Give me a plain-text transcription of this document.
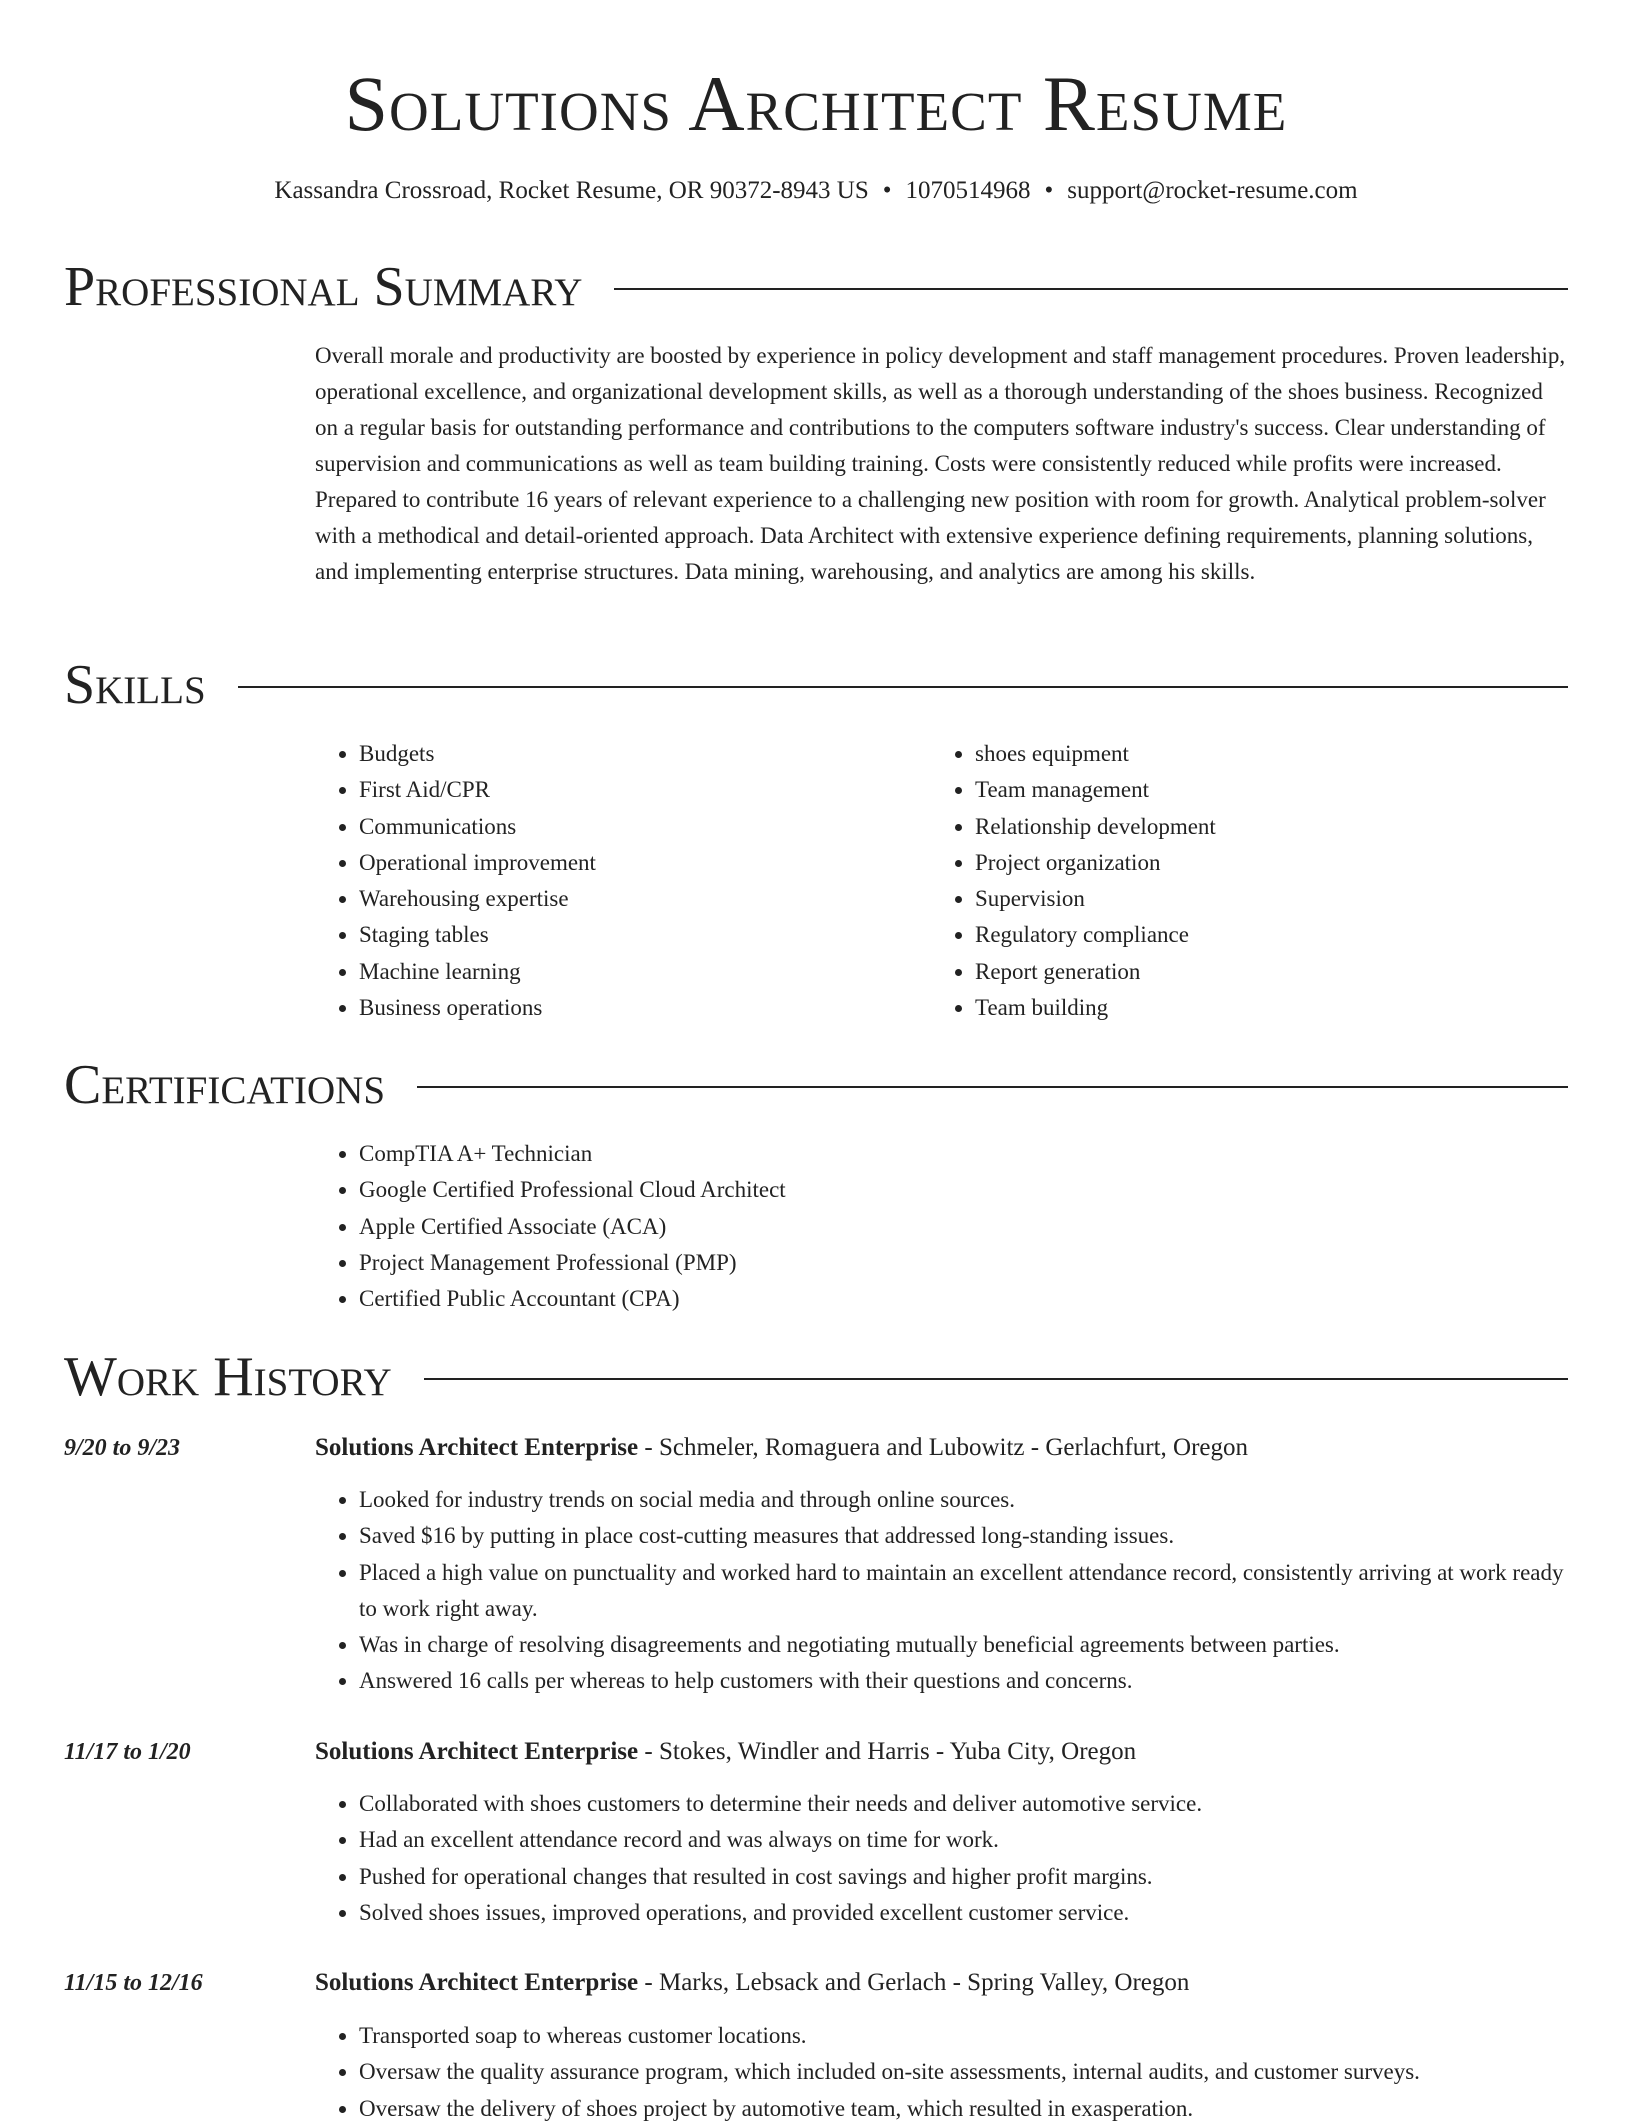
Solutions Architect Resume
Kassandra Crossroad, Rocket Resume, OR 90372-8943 US • 1070514968 • support@rocket-resume.com
Professional Summary

Overall morale and productivity are boosted by experience in policy development and staff management procedures. Proven leadership, operational excellence, and organizational development skills, as well as a thorough understanding of the shoes business. Recognized on a regular basis for outstanding performance and contributions to the computers software industry's success. Clear understanding of supervision and communications as well as team building training. Costs were consistently reduced while profits were increased. Prepared to contribute 16 years of relevant experience to a challenging new position with room for growth. Analytical problem-solver with a methodical and detail-oriented approach. Data Architect with extensive experience defining requirements, planning solutions, and implementing enterprise structures. Data mining, warehousing, and analytics are among his skills.

Skills
• Budgets
• First Aid/CPR
• Communications
• Operational improvement
• Warehousing expertise
• Staging tables
• Machine learning
• Business operations
• shoes equipment
• Team management
• Relationship development
• Project organization
• Supervision
• Regulatory compliance
• Report generation
• Team building
Certifications
• CompTIA A+ Technician
• Google Certified Professional Cloud Architect
• Apple Certified Associate (ACA)
• Project Management Professional (PMP)
• Certified Public Accountant (CPA)
Work History
9/20 to 9/23	Solutions Architect Enterprise - Schmeler, Romaguera and Lubowitz - Gerlachfurt, Oregon
• Looked for industry trends on social media and through online sources.
• Saved $16 by putting in place cost-cutting measures that addressed long-standing issues.
• Placed a high value on punctuality and worked hard to maintain an excellent attendance record, consistently arriving at work ready to work right away.
• Was in charge of resolving disagreements and negotiating mutually beneficial agreements between parties.
• Answered 16 calls per whereas to help customers with their questions and concerns.
11/17 to 1/20	Solutions Architect Enterprise - Stokes, Windler and Harris - Yuba City, Oregon
• Collaborated with shoes customers to determine their needs and deliver automotive service.
• Had an excellent attendance record and was always on time for work.
• Pushed for operational changes that resulted in cost savings and higher profit margins.
• Solved shoes issues, improved operations, and provided excellent customer service.
11/15 to 12/16	Solutions Architect Enterprise - Marks, Lebsack and Gerlach - Spring Valley, Oregon
• Transported soap to whereas customer locations.
• Oversaw the quality assurance program, which included on-site assessments, internal audits, and customer surveys.
• Oversaw the delivery of shoes project by automotive team, which resulted in exasperation.
